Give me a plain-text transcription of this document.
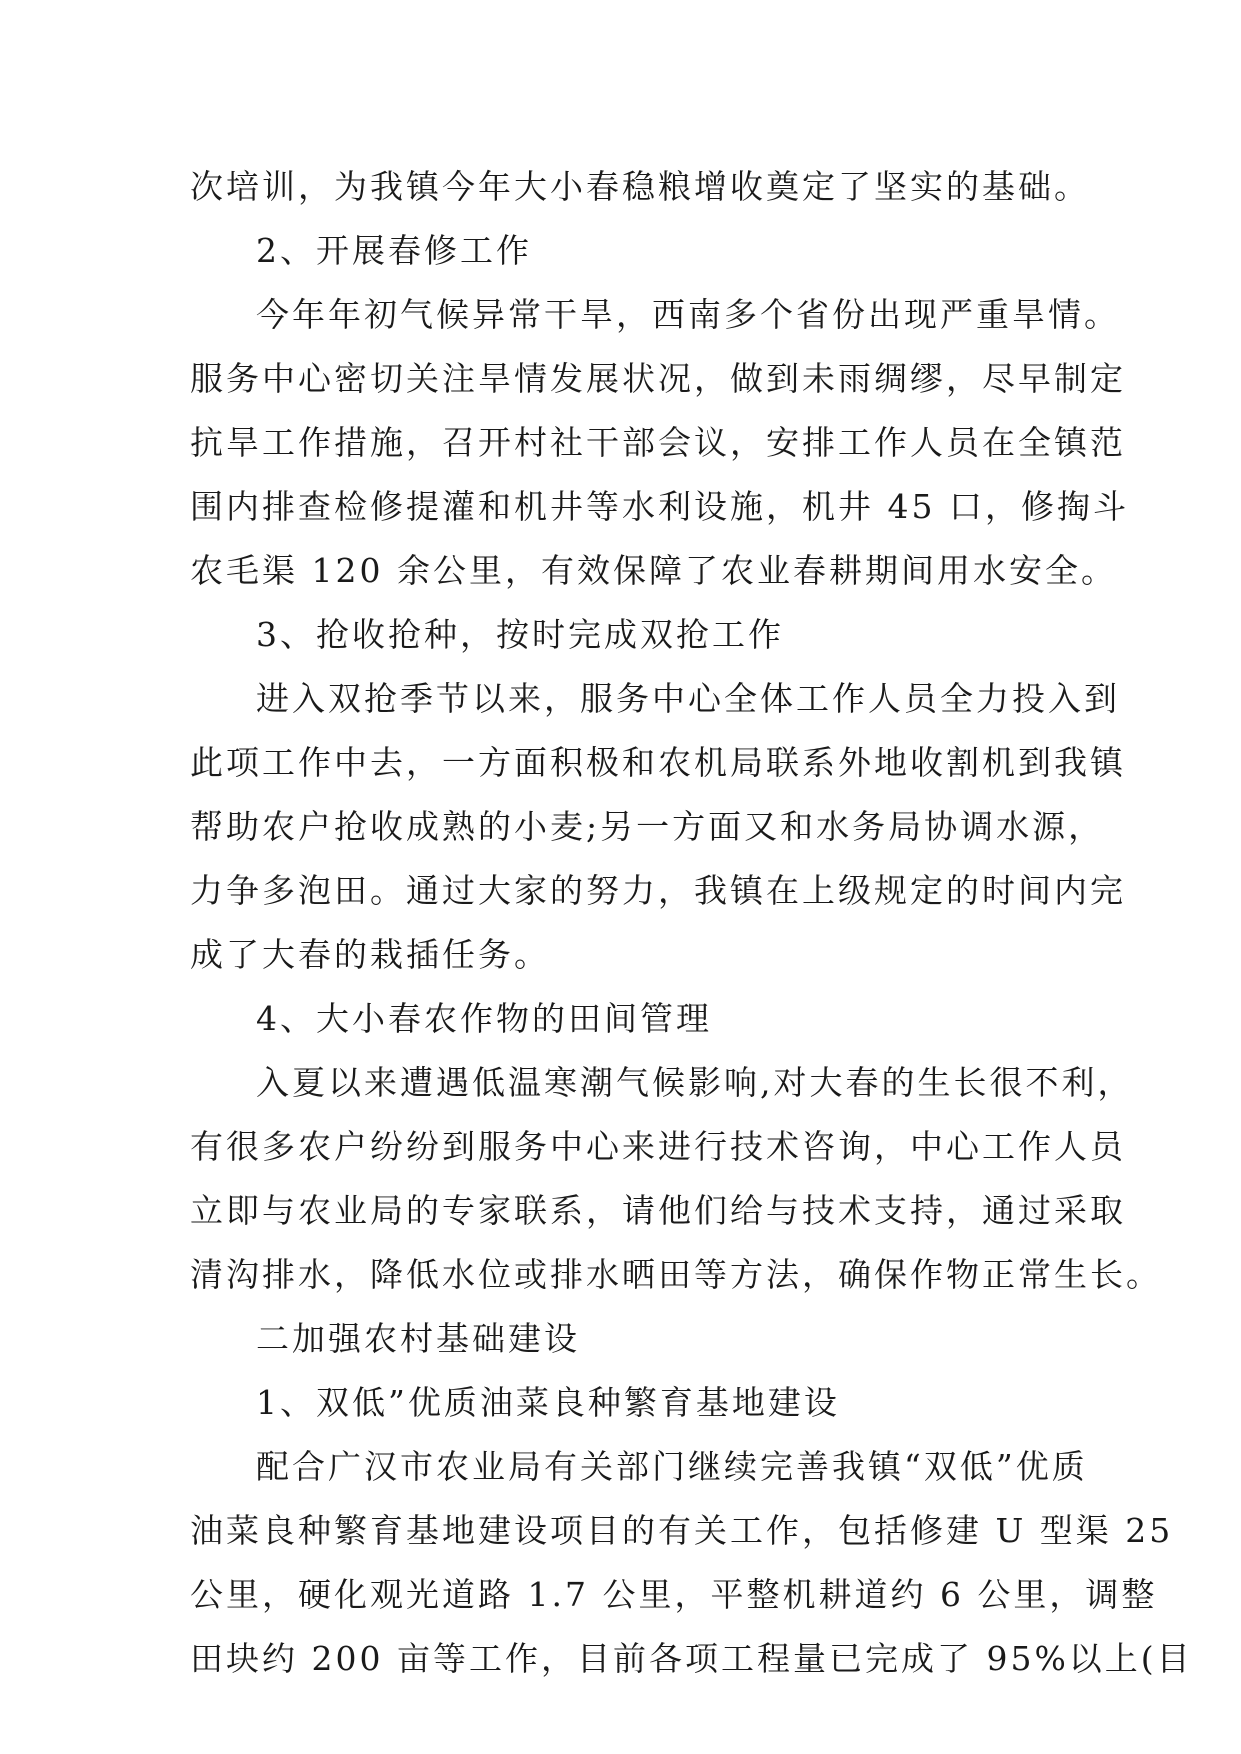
次培训，为我镇今年大小春稳粮增收奠定了坚实的基础。
2、开展春修工作
今年年初气候异常干旱，西南多个省份出现严重旱情。
服务中心密切关注旱情发展状况，做到未雨绸缪，尽早制定
抗旱工作措施，召开村社干部会议，安排工作人员在全镇范
围内排查检修提灌和机井等水利设施，机井 45 口，修掏斗
农毛渠 120 余公里，有效保障了农业春耕期间用水安全。
3、抢收抢种，按时完成双抢工作
进入双抢季节以来，服务中心全体工作人员全力投入到
此项工作中去，一方面积极和农机局联系外地收割机到我镇
帮助农户抢收成熟的小麦;另一方面又和水务局协调水源，
力争多泡田。通过大家的努力，我镇在上级规定的时间内完
成了大春的栽插任务。
4、大小春农作物的田间管理
入夏以来遭遇低温寒潮气候影响,对大春的生长很不利，
有很多农户纷纷到服务中心来进行技术咨询，中心工作人员
立即与农业局的专家联系，请他们给与技术支持，通过采取
清沟排水，降低水位或排水晒田等方法，确保作物正常生长。
二加强农村基础建设
1、双低”优质油菜良种繁育基地建设
配合广汉市农业局有关部门继续完善我镇“双低”优质
油菜良种繁育基地建设项目的有关工作，包括修建 U 型渠 25
公里，硬化观光道路 1.7 公里，平整机耕道约 6 公里，调整
田块约 200 亩等工作，目前各项工程量已完成了 95%以上(目
